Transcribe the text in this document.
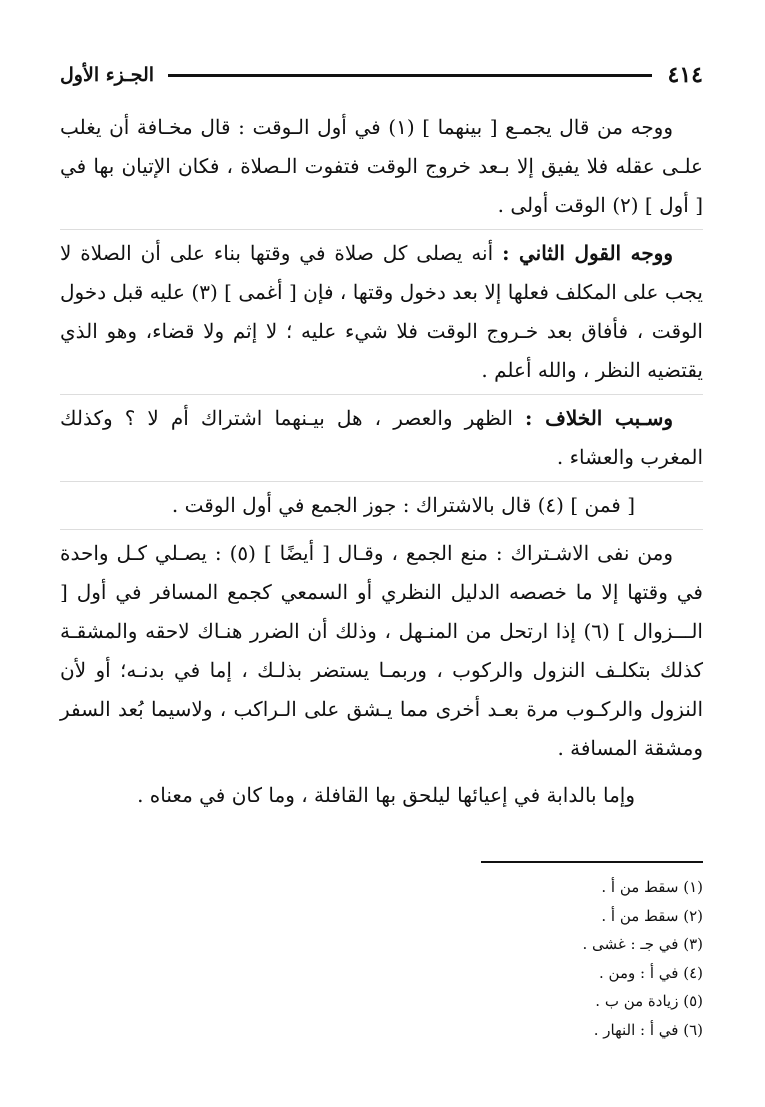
٤١٤
الجـزء الأول

ووجه من قال يجمـع [ بينهما ] (١) في أول الـوقت : قال مخـافة أن يغلب علـى عقله فلا يفيق إلا بـعد خروج الوقت فتفوت الـصلاة ، فكان الإتيان بها في [ أول ] (٢) الوقت أولى .

ووجه القول الثاني : أنه يصلى كل صلاة في وقتها بناء على أن الصلاة لا يجب على المكلف فعلها إلا بعد دخول وقتها ، فإن [ أغمى ] (٣) عليه قبل دخول الوقت ، فأفاق بعد خـروج الوقت فلا شيء عليه ؛ لا إثم ولا قضاء، وهو الذي يقتضيه النظر ، والله أعلم .

وسـبب الخلاف : الظهر والعصر ، هل بيـنهما اشتراك أم لا ؟ وكذلك المغرب والعشاء .

[ فمن ] (٤) قال بالاشتراك : جوز الجمع في أول الوقت .

ومن نفى الاشـتراك : منع الجمع ، وقـال [ أيضًا ] (٥) : يصـلي كـل واحدة في وقتها إلا ما خصصه الدليل النظري أو السمعي كجمع المسافر في أول [ الـــزوال ] (٦) إذا ارتحل من المنـهل ، وذلك أن الضرر هنـاك لاحقه والمشقـة كذلك بتكلـف النزول والركوب ، وربمـا يستضر بذلـك ، إما في بدنـه؛ أو لأن النزول والركـوب مرة بعـد أخرى مما يـشق على الـراكب ، ولاسيما بُعد السفر ومشقة المسافة .

وإما بالدابة في إعيائها ليلحق بها القافلة ، وما كان في معناه .

(١) سقط من أ .

(٢) سقط من أ .

(٣) في جـ : غشى .

(٤) في أ : ومن .

(٥) زيادة من ب .

(٦) في أ : النهار .
